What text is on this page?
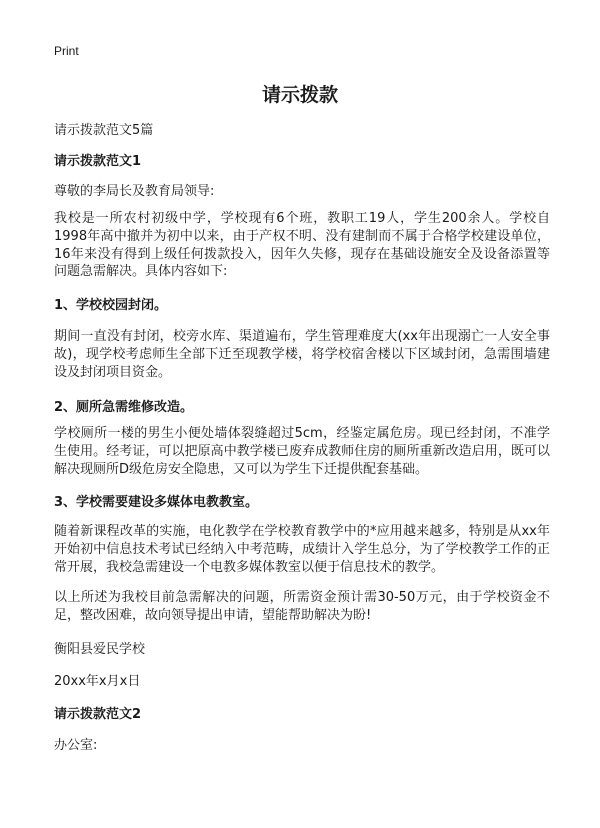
Print
请示拨款
请示拨款范文5篇
请示拨款范文1
尊敬的李局长及教育局领导:
我校是一所农村初级中学，学校现有6个班，教职工19人，学生200余人。学校自1998年高中撤并为初中以来，由于产权不明、没有建制而不属于合格学校建设单位，16年来没有得到上级任何拨款投入，因年久失修，现存在基础设施安全及设备添置等问题急需解决。具体内容如下:
1、学校校园封闭。
期间一直没有封闭，校旁水库、渠道遍布，学生管理难度大(xx年出现溺亡一人安全事故)，现学校考虑师生全部下迁至现教学楼，将学校宿舍楼以下区域封闭，急需围墙建设及封闭项目资金。
2、厕所急需维修改造。
学校厕所一楼的男生小便处墙体裂缝超过5cm，经鉴定属危房。现已经封闭，不准学生使用。经考证，可以把原高中教学楼已废弃成教师住房的厕所重新改造启用，既可以解决现厕所D级危房安全隐患，又可以为学生下迁提供配套基础。
3、学校需要建设多媒体电教教室。
随着新课程改革的实施，电化教学在学校教育教学中的*应用越来越多，特别是从xx年开始初中信息技术考试已经纳入中考范畴，成绩计入学生总分，为了学校教学工作的正常开展，我校急需建设一个电教多媒体教室以便于信息技术的教学。
以上所述为我校目前急需解决的问题，所需资金预计需30-50万元，由于学校资金不足，整改困难，故向领导提出申请，望能帮助解决为盼!
衡阳县爱民学校
20xx年x月x日
请示拨款范文2
办公室:
